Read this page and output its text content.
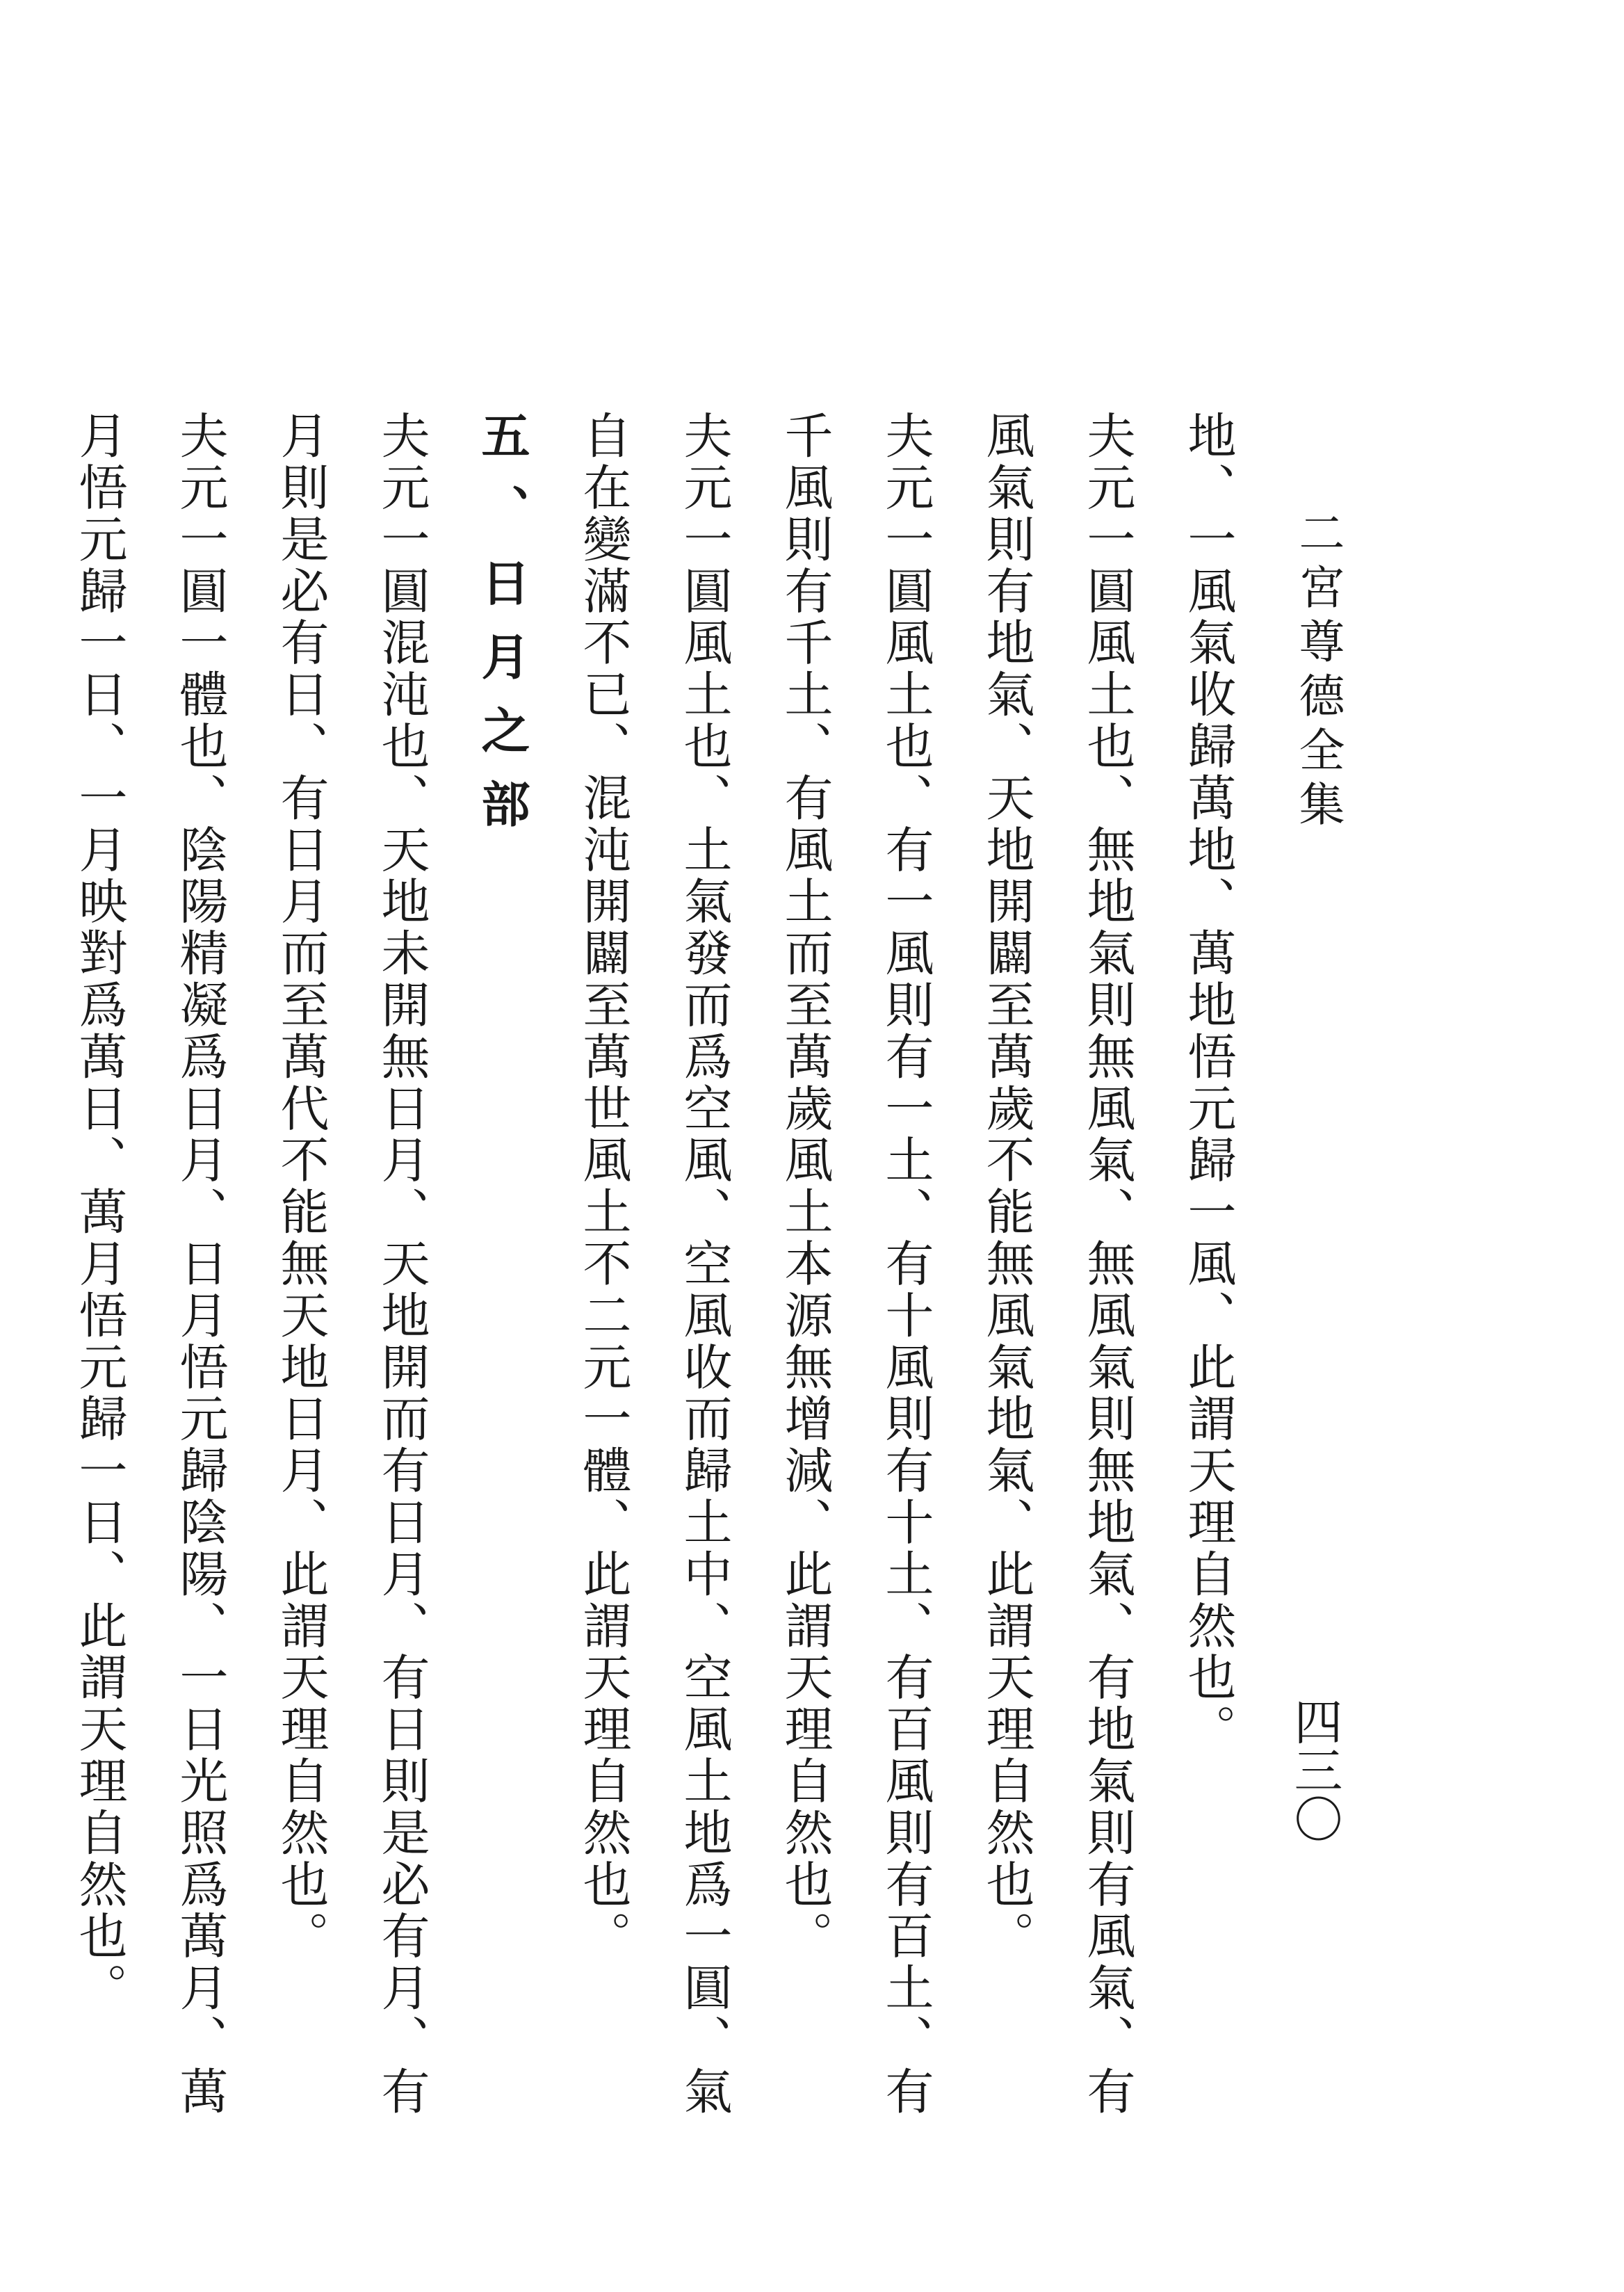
二宮尊德全集
四三〇

地、一風氣收歸萬地、萬地悟元歸一風、此謂天理自然也。

夫元一圓風土也、無地氣則無風氣、無風氣則無地氣、有地氣則有風氣、有風氣則有地氣、天地開闢至萬歲不能無風氣地氣、此謂天理自然也。

夫元一圓風土也、有一風則有一土、有十風則有十土、有百風則有百土、有千風則有千土、有風土而至萬歲風土本源無增減、此謂天理自然也。

夫元一圓風土也、土氣發而爲空風、空風收而歸土中、空風土地爲一圓、氣自在變滿不已、混沌開闢至萬世風土不二元一體、此謂天理自然也。

五、日月之部

夫元一圓混沌也、天地未開無日月、天地開而有日月、有日則是必有月、有月則是必有日、有日月而至萬代不能無天地日月、此謂天理自然也。

夫元一圓一體也、陰陽精凝爲日月、日月悟元歸陰陽、一日光照爲萬月、萬月悟元歸一日、一月映對爲萬日、萬月悟元歸一日、此謂天理自然也。
